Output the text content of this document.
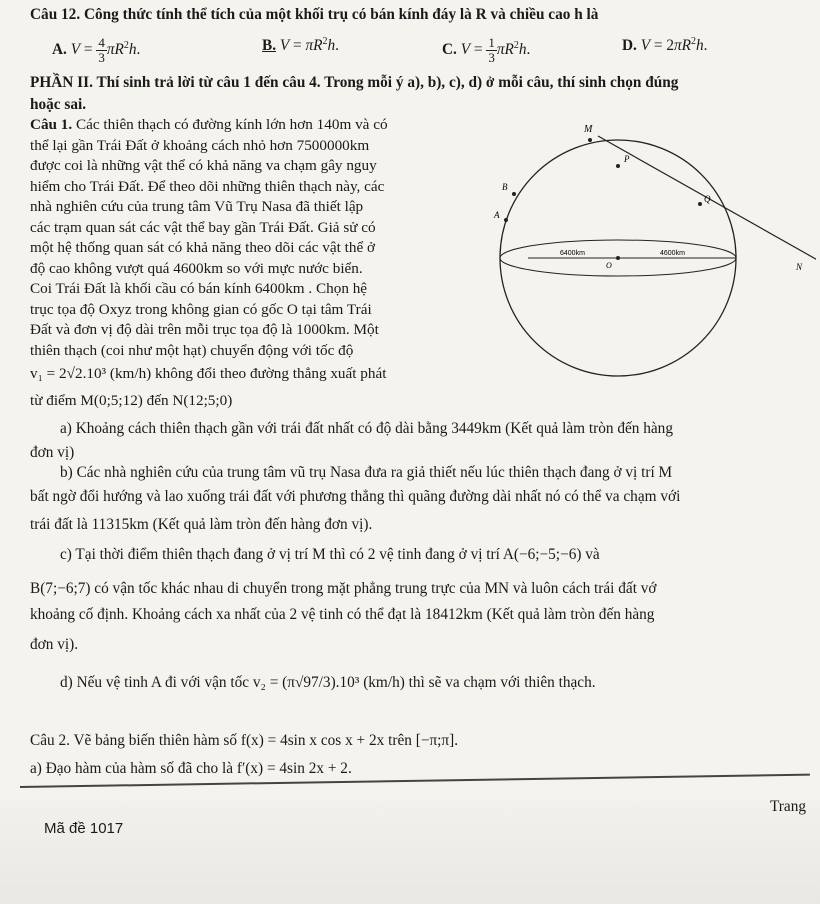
Câu 12. Công thức tính thể tích của một khối trụ có bán kính đáy là R và chiều cao h là
A. $V = \frac{4}{3} \pi R^2h$.	B. $V = \pi R^2h$.	C. $V = \frac{1}{3} \pi R^2h$.	D. $V = 2\pi R^2h$.
PHẦN II. Thí sinh trả lời từ câu 1 đến câu 4. Trong mỗi ý a), b), c), d) ở mỗi câu, thí sinh chọn đúng
hoặc sai.
Câu 1. Các thiên thạch có đường kính lớn hơn 140m và có
thể lại gần Trái Đất ở khoảng cách nhỏ hơn 7500000km
được coi là những vật thể có khả năng va chạm gây nguy
hiểm cho Trái Đất. Để theo dõi những thiên thạch này, các
nhà nghiên cứu của trung tâm Vũ Trụ Nasa đã thiết lập
các trạm quan sát các vật thể bay gần Trái Đất. Giả sử có
một hệ thống quan sát có khả năng theo dõi các vật thể ở
độ cao không vượt quá 4600km so với mực nước biển.
Coi Trái Đất là khối cầu có bán kính 6400km . Chọn hệ
trục tọa độ Oxyz trong không gian có gốc O tại tâm Trái
Đất và đơn vị độ dài trên mỗi trục tọa độ là 1000km. Một
thiên thạch (coi như một hạt) chuyển động với tốc độ
v₁ = 2√2.10³ (km/h) không đổi theo đường thẳng xuất phát
từ điểm M(0;5;12) đến N(12;5;0)
M
P
B
A
Q
6400km	4600km
O	N
a) Khoảng cách thiên thạch gần với trái đất nhất có độ dài bằng 3449km (Kết quả làm tròn đến hàng
đơn vị)
b) Các nhà nghiên cứu của trung tâm vũ trụ Nasa đưa ra giả thiết nếu lúc thiên thạch đang ở vị trí M
bất ngờ đổi hướng và lao xuống trái đất với phương thẳng thì quãng đường dài nhất nó có thể va chạm với
trái đất là 11315km (Kết quả làm tròn đến hàng đơn vị).
c) Tại thời điểm thiên thạch đang ở vị trí M thì có 2 vệ tinh đang ở vị trí A(−6;−5;−6) và
B(7;−6;7) có vận tốc khác nhau di chuyển trong mặt phẳng trung trực của MN và luôn cách trái đất vớ
khoảng cố định. Khoảng cách xa nhất của 2 vệ tinh có thể đạt là 18412km (Kết quả làm tròn đến hàng
đơn vị).
d) Nếu vệ tinh A đi với vận tốc v₂ = (π√97/3).10³ (km/h) thì sẽ va chạm với thiên thạch.
Câu 2. Vẽ bảng biến thiên hàm số f(x) = 4sin x cos x + 2x trên [−π;π].
a) Đạo hàm của hàm số đã cho là f′(x) = 4sin 2x + 2.
Trang
Mã đề 1017
